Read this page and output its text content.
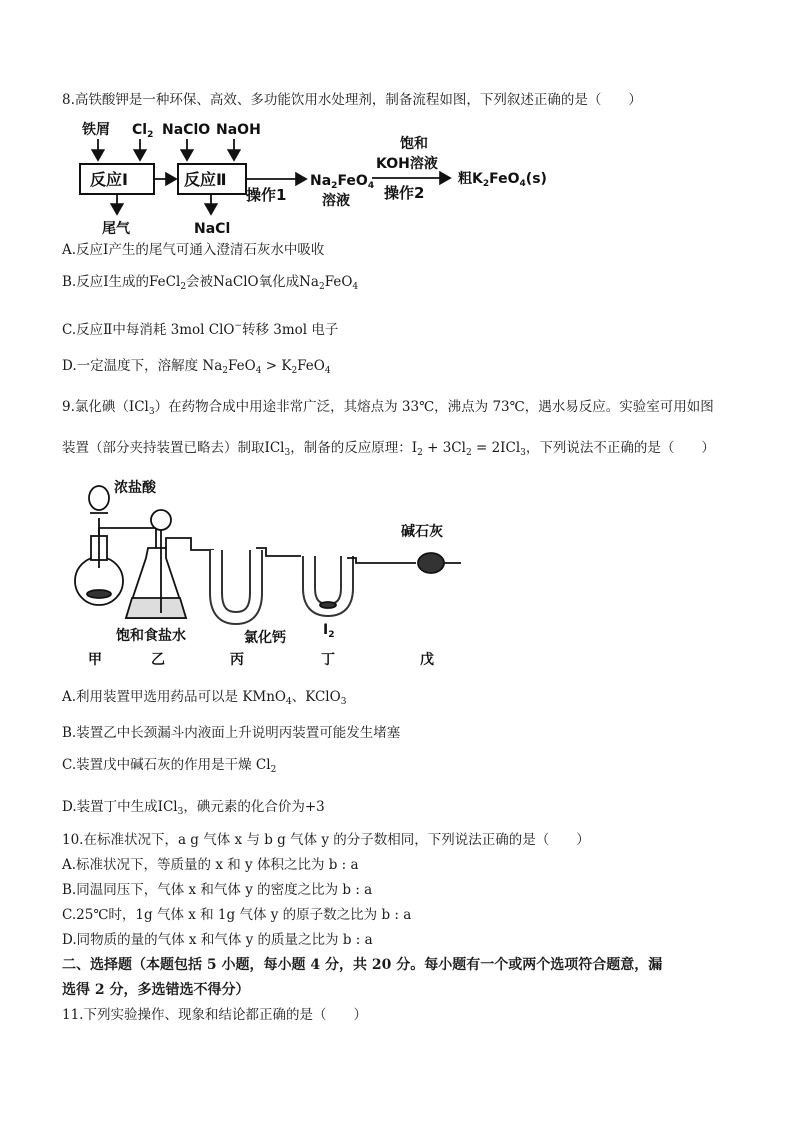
8.高铁酸钾是一种环保、高效、多功能饮用水处理剂，制备流程如图，下列叙述正确的是（　　）
铁屑 $Cl_2$ NaClO NaOH
反应Ⅰ	反应Ⅱ
尾气	NaCl
操作1
$Na_2FeO_4$
溶液
饱和
KOH溶液
操作2
粗$K_2FeO_4(s)$
A.反应Ⅰ产生的尾气可通入澄清石灰水中吸收
B.反应Ⅰ生成的FeCl$_2$会被NaClO氧化成$Na_2FeO_4$
C.反应Ⅱ中每消耗 3mol ClO−转移 3mol 电子
D.一定温度下，溶解度 $Na_2FeO_4 > K_2FeO_4$
9.氯化碘（ICl$_3$）在药物合成中用途非常广泛，其熔点为 33℃，沸点为 73℃，遇水易反应。实验室可用如图
装置（部分夹持装置已略去）制取ICl$_3$，制备的反应原理：$I_2 + 3Cl_2 = 2ICl_3$，下列说法不正确的是（　　）
浓盐酸
饱和食盐水	氯化钙	$I_2$
碱石灰
甲	乙	丙	丁	戊
A.利用装置甲选用药品可以是 KMnO$_4$、KClO$_3$
B.装置乙中长颈漏斗内液面上升说明丙装置可能发生堵塞
C.装置戊中碱石灰的作用是干燥 $Cl_2$
D.装置丁中生成ICl$_3$，碘元素的化合价为+3
10.在标准状况下，a g 气体 x 与 b g 气体 y 的分子数相同，下列说法正确的是（　　）
A.标准状况下，等质量的 x 和 y 体积之比为 b : a
B.同温同压下，气体 x 和气体 y 的密度之比为 b : a
C.25℃时，1g 气体 x 和 1g 气体 y 的原子数之比为 b : a
D.同物质的量的气体 x 和气体 y 的质量之比为 b : a
二、选择题（本题包括 5 小题，每小题 4 分，共 20 分。每小题有一个或两个选项符合题意，漏
选得 2 分，多选错选不得分）
11.下列实验操作、现象和结论都正确的是（　　）
